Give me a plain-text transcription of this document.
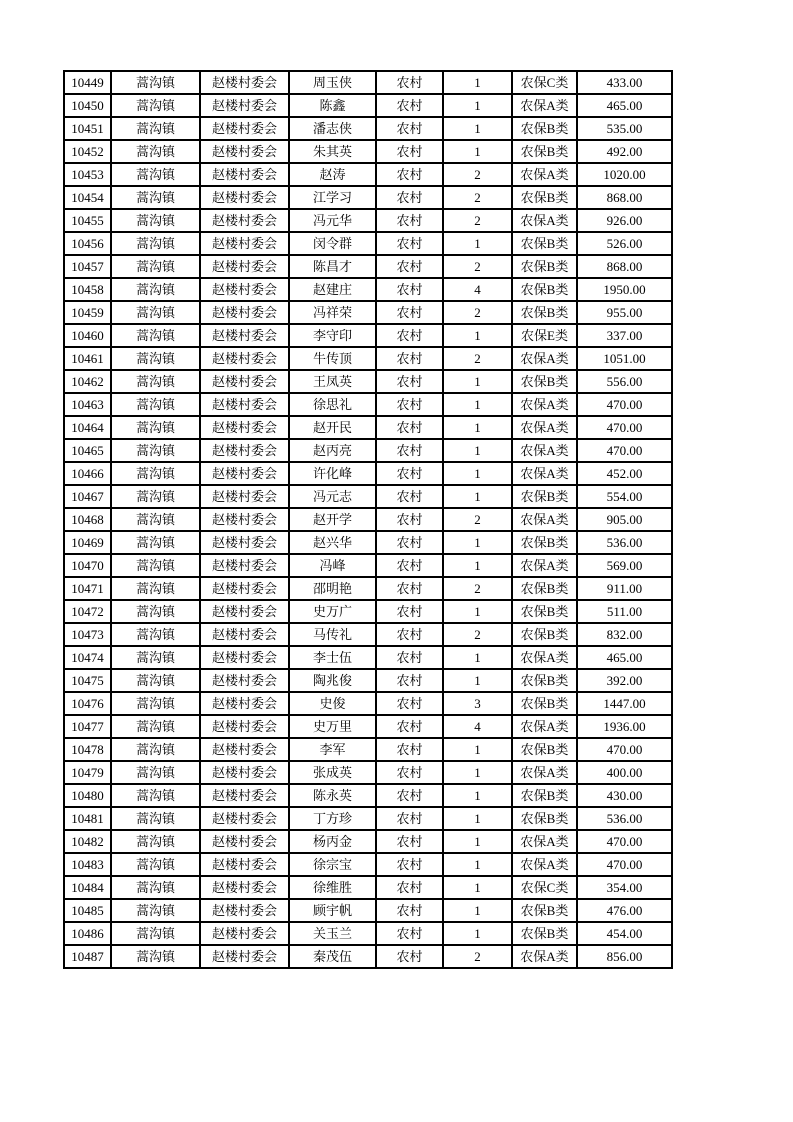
10449	蒿沟镇	赵楼村委会	周玉侠	农村	1	农保C类	433.00
10450	蒿沟镇	赵楼村委会	陈鑫	农村	1	农保A类	465.00
10451	蒿沟镇	赵楼村委会	潘志侠	农村	1	农保B类	535.00
10452	蒿沟镇	赵楼村委会	朱其英	农村	1	农保B类	492.00
10453	蒿沟镇	赵楼村委会	赵涛	农村	2	农保A类	1020.00
10454	蒿沟镇	赵楼村委会	江学习	农村	2	农保B类	868.00
10455	蒿沟镇	赵楼村委会	冯元华	农村	2	农保A类	926.00
10456	蒿沟镇	赵楼村委会	闵令群	农村	1	农保B类	526.00
10457	蒿沟镇	赵楼村委会	陈昌才	农村	2	农保B类	868.00
10458	蒿沟镇	赵楼村委会	赵建庄	农村	4	农保B类	1950.00
10459	蒿沟镇	赵楼村委会	冯祥荣	农村	2	农保B类	955.00
10460	蒿沟镇	赵楼村委会	李守印	农村	1	农保E类	337.00
10461	蒿沟镇	赵楼村委会	牛传顶	农村	2	农保A类	1051.00
10462	蒿沟镇	赵楼村委会	王凤英	农村	1	农保B类	556.00
10463	蒿沟镇	赵楼村委会	徐思礼	农村	1	农保A类	470.00
10464	蒿沟镇	赵楼村委会	赵开民	农村	1	农保A类	470.00
10465	蒿沟镇	赵楼村委会	赵丙亮	农村	1	农保A类	470.00
10466	蒿沟镇	赵楼村委会	许化峰	农村	1	农保A类	452.00
10467	蒿沟镇	赵楼村委会	冯元志	农村	1	农保B类	554.00
10468	蒿沟镇	赵楼村委会	赵开学	农村	2	农保A类	905.00
10469	蒿沟镇	赵楼村委会	赵兴华	农村	1	农保B类	536.00
10470	蒿沟镇	赵楼村委会	冯峰	农村	1	农保A类	569.00
10471	蒿沟镇	赵楼村委会	邵明艳	农村	2	农保B类	911.00
10472	蒿沟镇	赵楼村委会	史万广	农村	1	农保B类	511.00
10473	蒿沟镇	赵楼村委会	马传礼	农村	2	农保B类	832.00
10474	蒿沟镇	赵楼村委会	李士伍	农村	1	农保A类	465.00
10475	蒿沟镇	赵楼村委会	陶兆俊	农村	1	农保B类	392.00
10476	蒿沟镇	赵楼村委会	史俊	农村	3	农保B类	1447.00
10477	蒿沟镇	赵楼村委会	史万里	农村	4	农保A类	1936.00
10478	蒿沟镇	赵楼村委会	李军	农村	1	农保B类	470.00
10479	蒿沟镇	赵楼村委会	张成英	农村	1	农保A类	400.00
10480	蒿沟镇	赵楼村委会	陈永英	农村	1	农保B类	430.00
10481	蒿沟镇	赵楼村委会	丁方珍	农村	1	农保B类	536.00
10482	蒿沟镇	赵楼村委会	杨丙金	农村	1	农保A类	470.00
10483	蒿沟镇	赵楼村委会	徐宗宝	农村	1	农保A类	470.00
10484	蒿沟镇	赵楼村委会	徐维胜	农村	1	农保C类	354.00
10485	蒿沟镇	赵楼村委会	顾宇帆	农村	1	农保B类	476.00
10486	蒿沟镇	赵楼村委会	关玉兰	农村	1	农保B类	454.00
10487	蒿沟镇	赵楼村委会	秦茂伍	农村	2	农保A类	856.00
